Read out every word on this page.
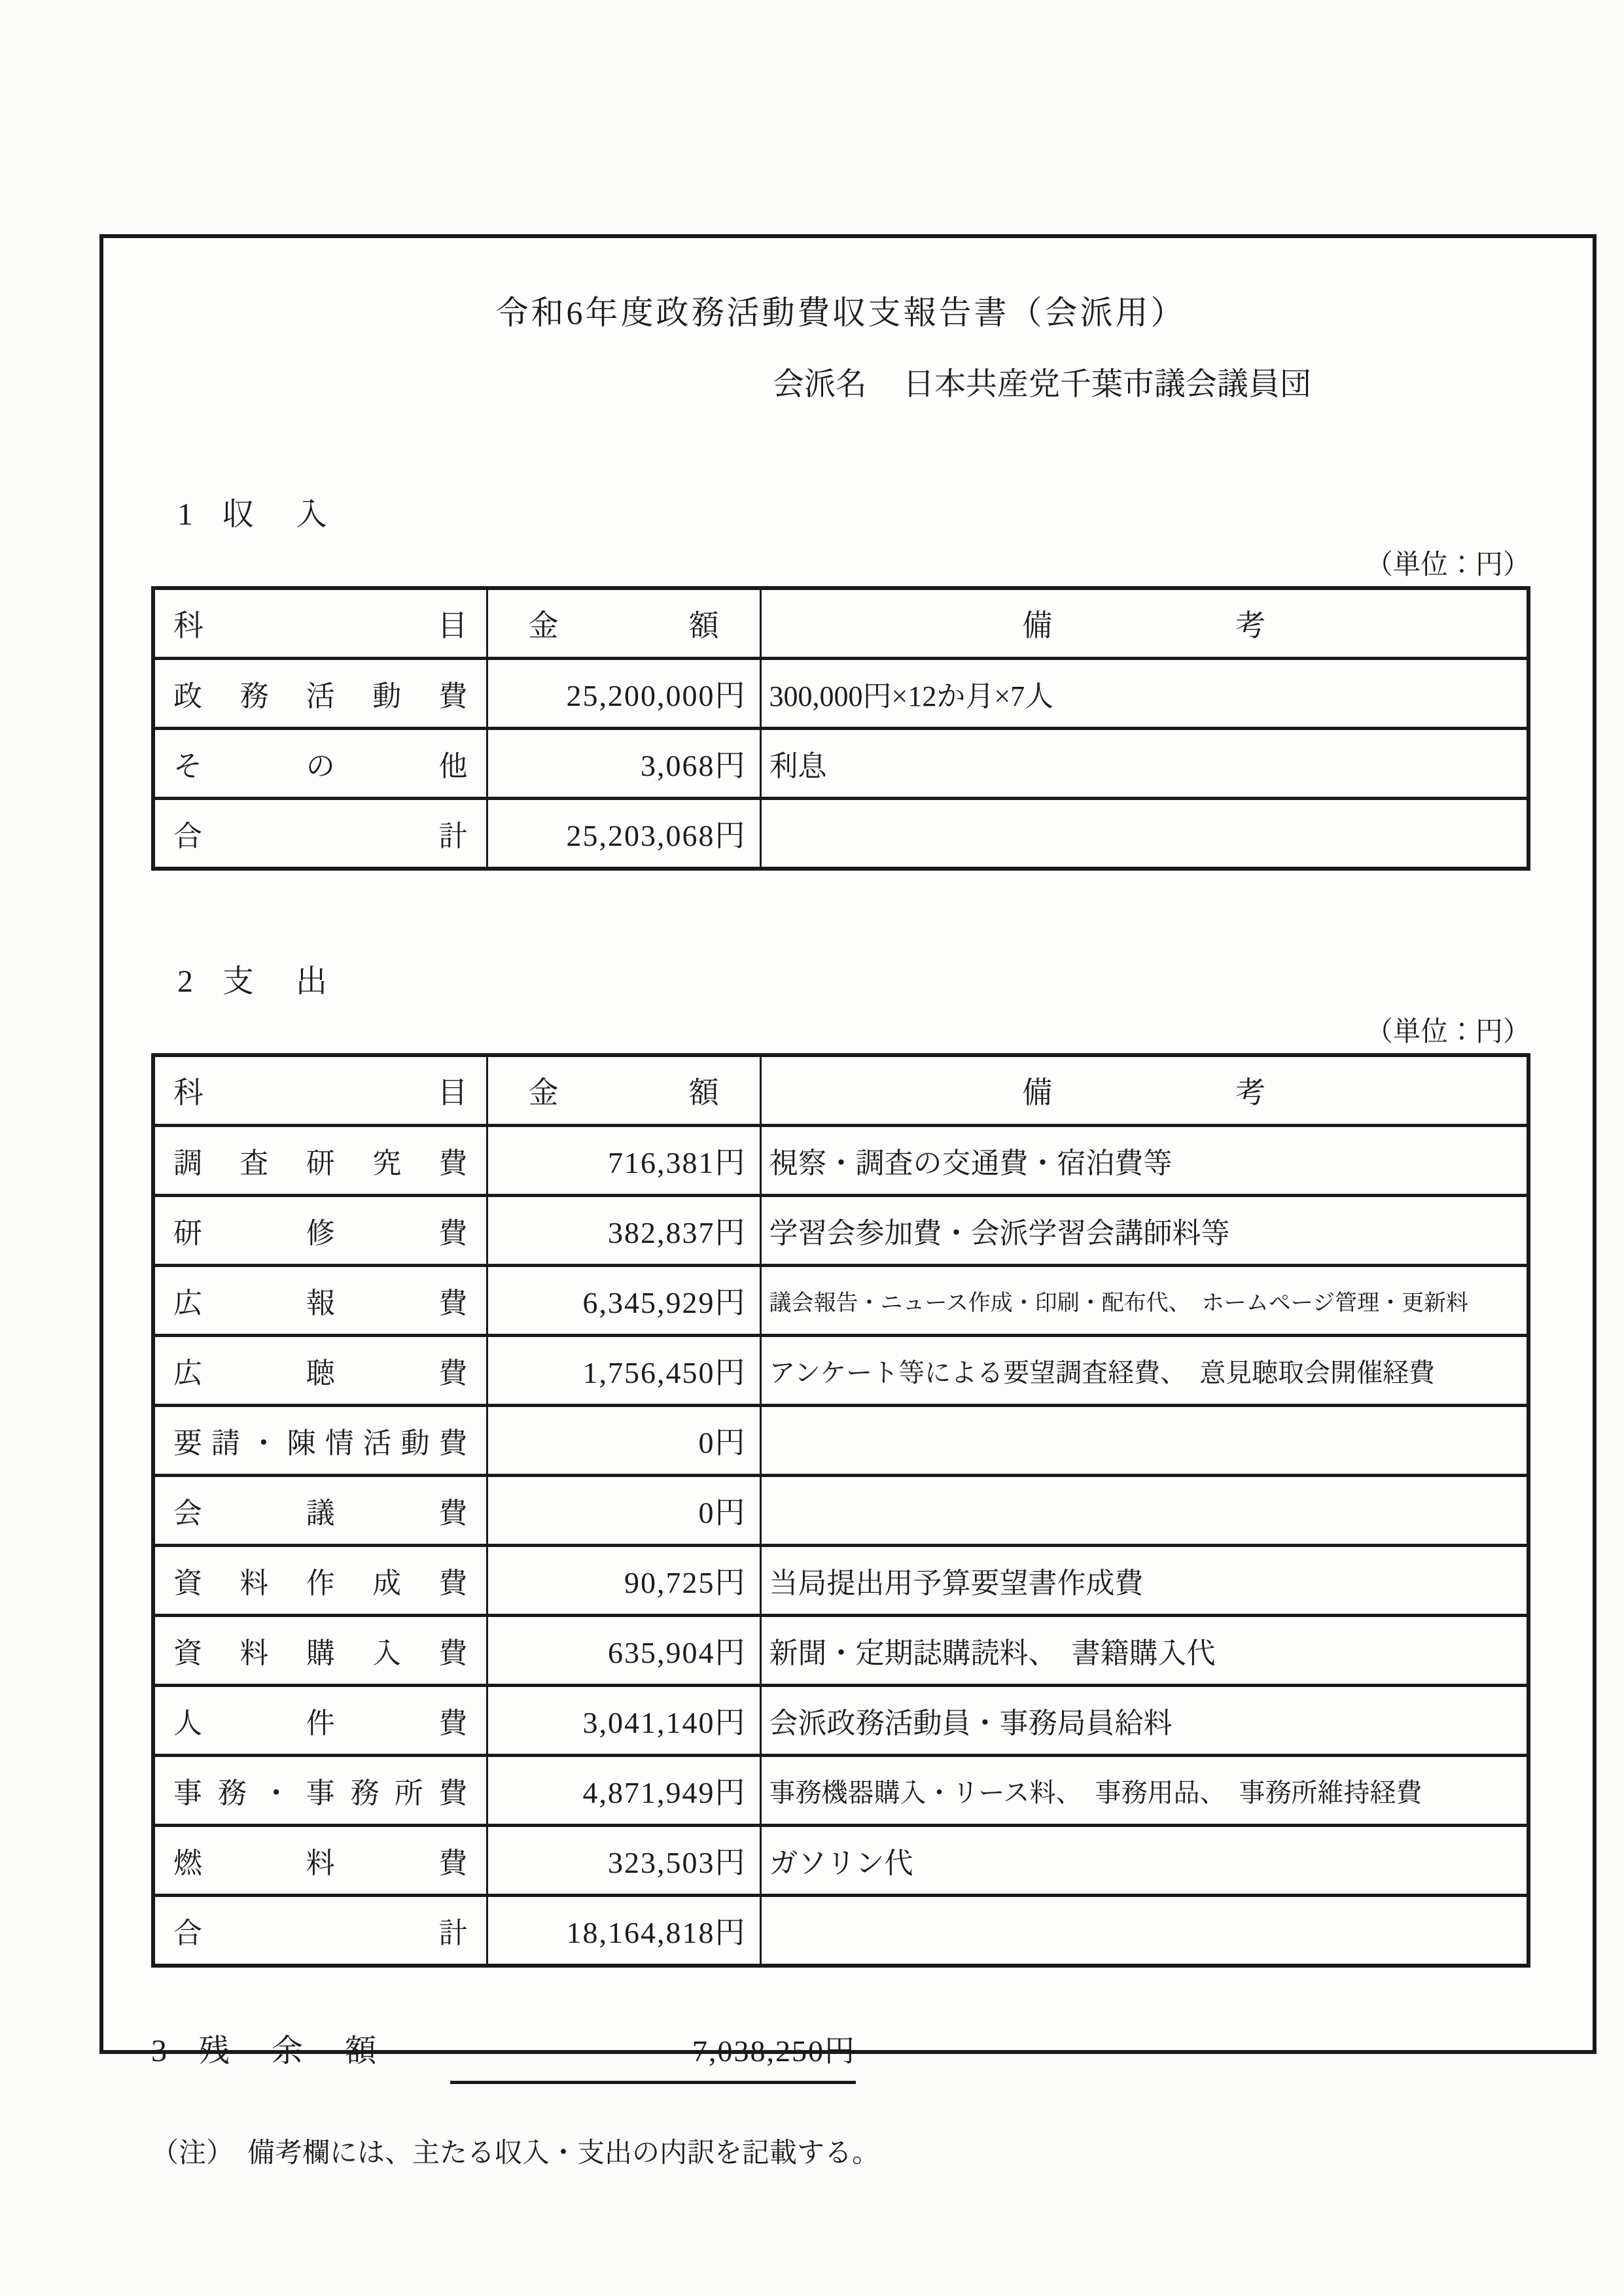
令和6年度政務活動費収支報告書（会派用）
会派名 日本共産党千葉市議会議員団
1 収　入
（単位：円）
科 目	金 額	備 考

政 務 活 動 費	25,200,000円	300,000円×12か月×7人

そ の 他	3,068円	利息

合 計	25,203,068円	
2 支　出
（単位：円）
科 目	金 額	備 考

調 査 研 究 費	716,381円	視察・調査の交通費・宿泊費等

研 修 費	382,837円	学習会参加費・会派学習会講師料等

広 報 費	6,345,929円	議会報告・ニュース作成・印刷・配布代、　ホームページ管理・更新料

広 聴 費	1,756,450円	アンケート等による要望調査経費、　意見聴取会開催経費

要 請 ・ 陳 情 活 動 費	0円	

会 議 費	0円	

資 料 作 成 費	90,725円	当局提出用予算要望書作成費

資 料 購 入 費	635,904円	新聞・定期誌購読料、　書籍購入代

人 件 費	3,041,140円	会派政務活動員・事務局員給料

事 務 ・ 事 務 所 費	4,871,949円	事務機器購入・リース料、　事務用品、　事務所維持経費

燃 料 費	323,503円	ガソリン代

合 計	18,164,818円	
3 残　余　額	7,038,250円
（注）　備考欄には、主たる収入・支出の内訳を記載する。
